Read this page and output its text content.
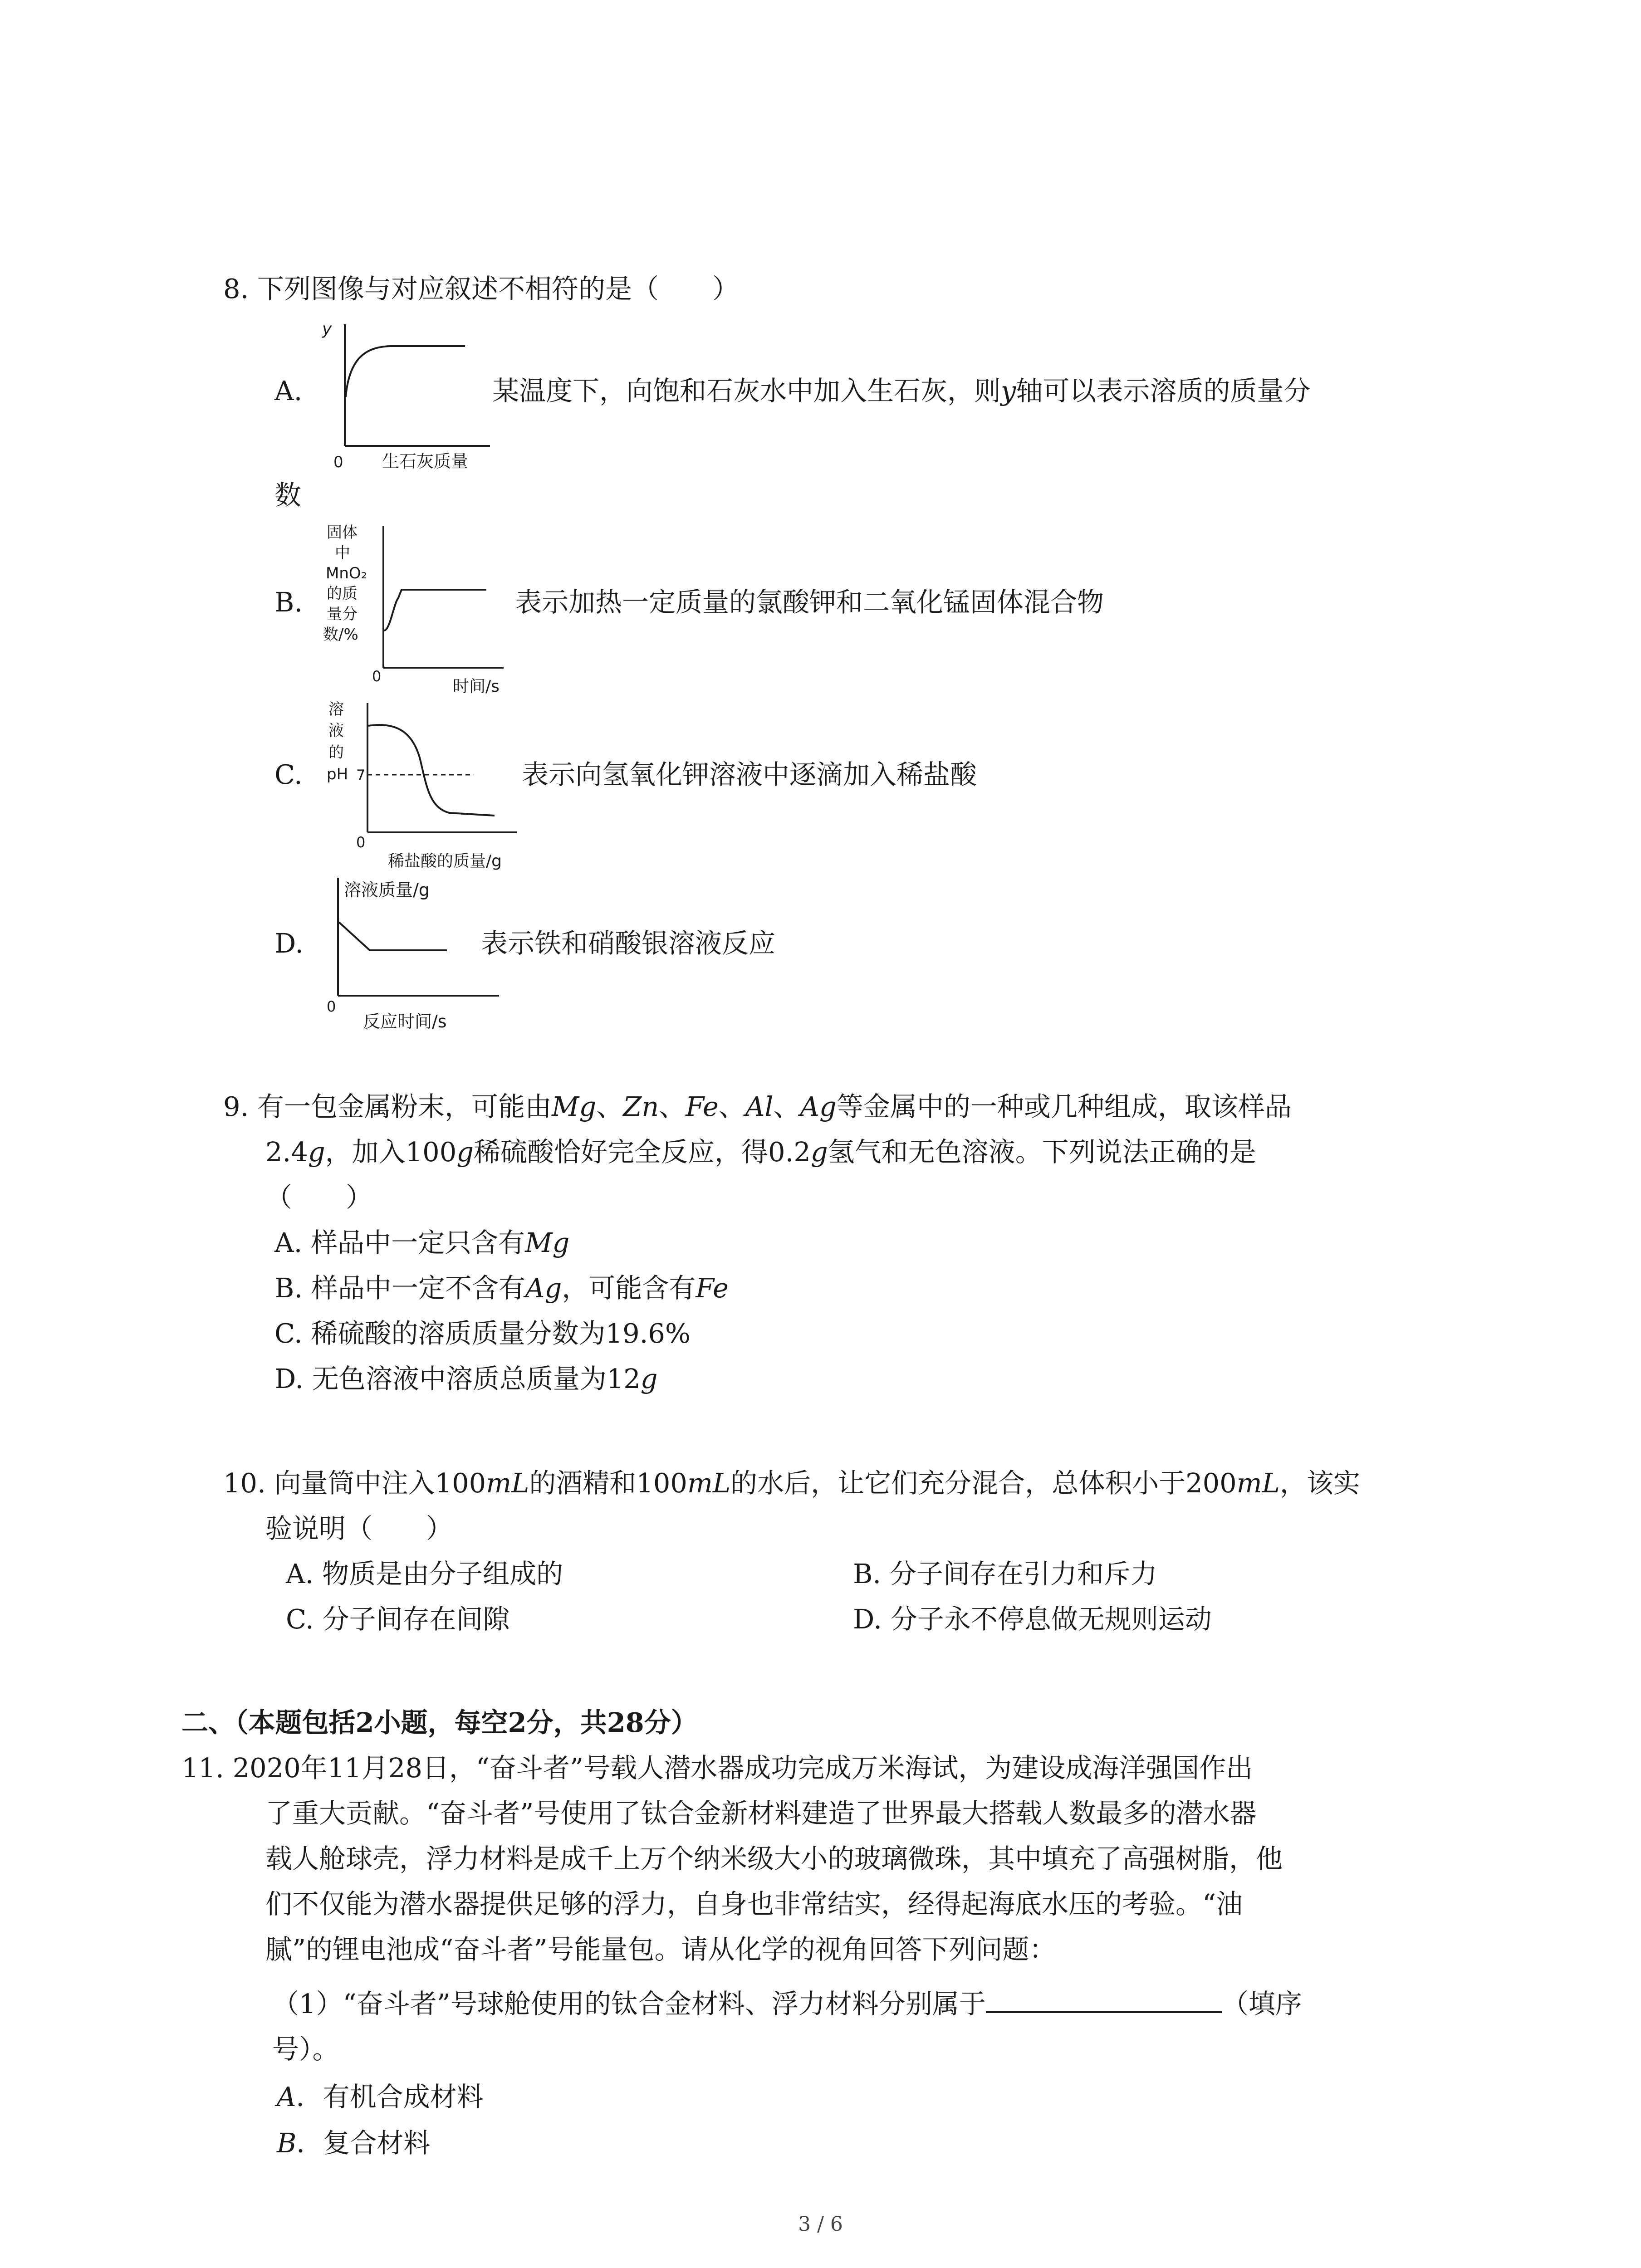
8. 下列图像与对应叙述不相符的是（　　）
A.
y
0 生石灰质量
某温度下，向饱和石灰水中加入生石灰，则y轴可以表示溶质的质量分
数
B.
固体
中
MnO₂
的质
量分
数/%
0
时间/s
表示加热一定质量的氯酸钾和二氧化锰固体混合物
C.
溶
液
的
pH 7
0
稀盐酸的质量/g
表示向氢氧化钾溶液中逐滴加入稀盐酸
D.
溶液质量/g
0
反应时间/s
表示铁和硝酸银溶液反应
9. 有一包金属粉末，可能由Mg、Zn、Fe、Al、Ag等金属中的一种或几种组成，取该样品
2.4g，加入100g稀硫酸恰好完全反应，得0.2g氢气和无色溶液。下列说法正确的是
（　　）
A. 样品中一定只含有Mg
B. 样品中一定不含有Ag，可能含有Fe
C. 稀硫酸的溶质质量分数为19.6%
D. 无色溶液中溶质总质量为12g
10. 向量筒中注入100mL的酒精和100mL的水后，让它们充分混合，总体积小于200mL，该实
验说明（　　）
A. 物质是由分子组成的	B. 分子间存在引力和斥力
C. 分子间存在间隙	D. 分子永不停息做无规则运动
二、（本题包括2小题，每空2分，共28分）
11. 2020年11月28日，“奋斗者”号载人潜水器成功完成万米海试，为建设成海洋强国作出
了重大贡献。“奋斗者”号使用了钛合金新材料建造了世界最大搭载人数最多的潜水器
载人舱球壳，浮力材料是成千上万个纳米级大小的玻璃微珠，其中填充了高强树脂，他
们不仅能为潜水器提供足够的浮力，自身也非常结实，经得起海底水压的考验。“油
腻”的锂电池成“奋斗者”号能量包。请从化学的视角回答下列问题：
（1）“奋斗者”号球舱使用的钛合金材料、浮力材料分别属于	（填序
号）。
A．有机合成材料
B．复合材料
3 / 6
